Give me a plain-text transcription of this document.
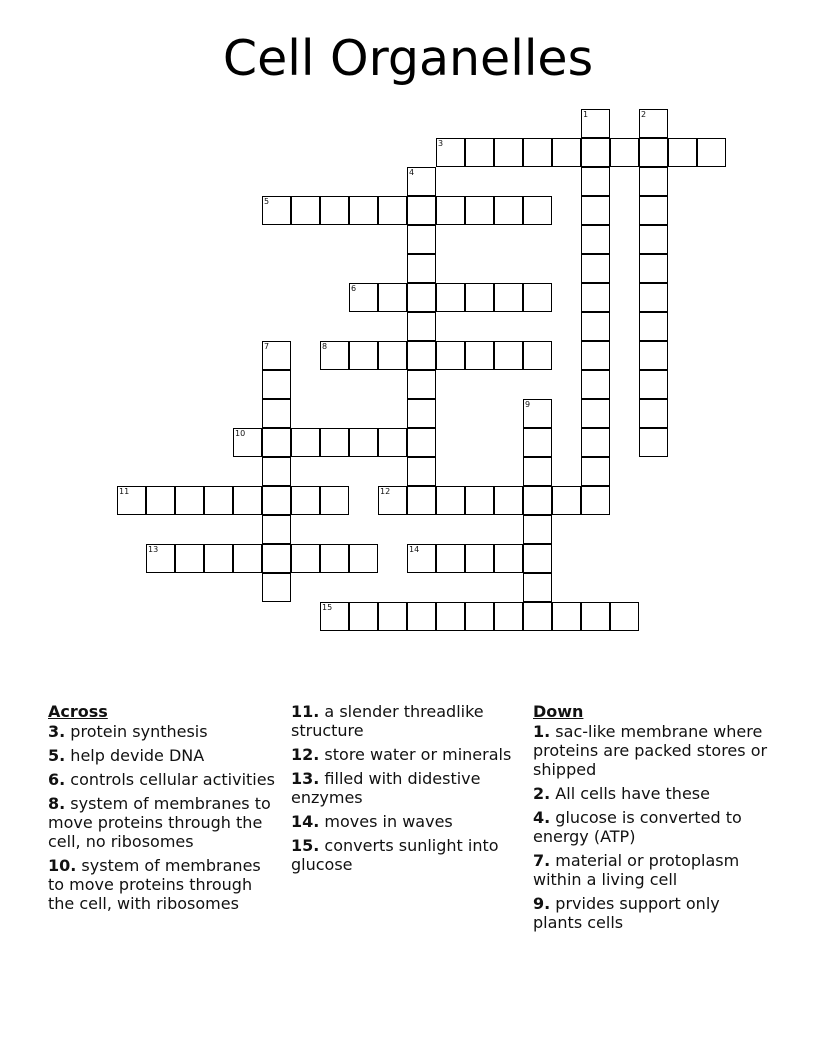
Cell Organelles
3
5
6
8
10
11	12
13	14
15
1	2
4
7
9
Across
3. protein synthesis
5. help devide DNA
6. controls cellular activities
8. system of membranes to move proteins through the cell, no ribosomes
10. system of membranes to move proteins through the cell, with ribosomes
11. a slender threadlike structure
12. store water or minerals
13. filled with didestive enzymes
14. moves in waves
15. converts sunlight into glucose
Down
1. sac-like membrane where proteins are packed stores or shipped
2. All cells have these
4. glucose is converted to energy (ATP)
7. material or protoplasm within a living cell
9. prvides support only plants cells
